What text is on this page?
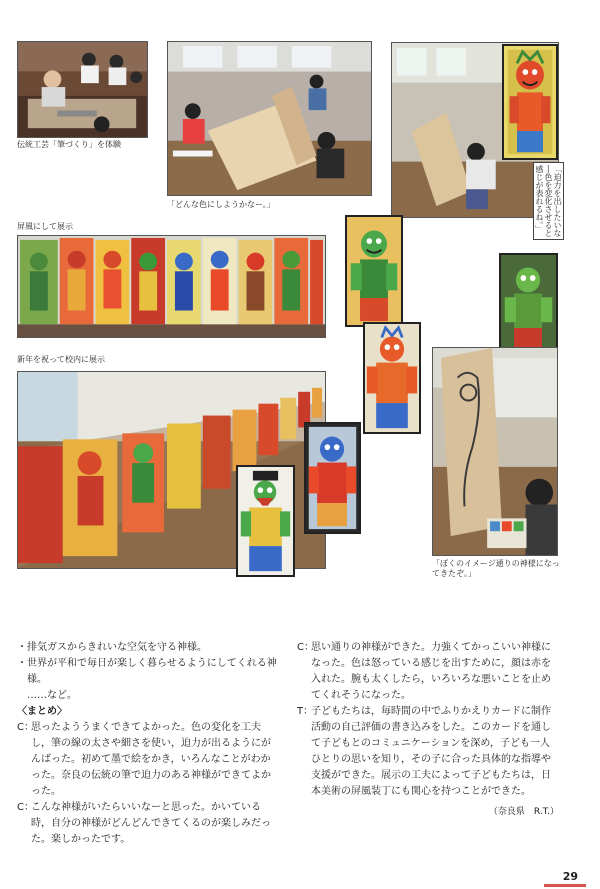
伝統工芸「筆づくり」を体験
「どんな色にしようかなー。」	「迫力を出したいな―色を変化させると感じが表れるね。」
屏風にして展示
新年を祝って校内に展示
「ぼくのイメージ通りの神様になってきたぞ。」
・排気ガスからきれいな空気を守る神様。
・世界が平和で毎日が楽しく暮らせるようにしてくれる神様。
……など。
〈まとめ〉
C：
思ったよううまくできてよかった。色の変化を工夫し，筆の線の太さや細さを使い，迫力が出るようにがんばった。初めて墨で絵をかき，いろんなことがわかった。奈良の伝統の筆で迫力のある神様ができてよかった。
C：
こんな神様がいたらいいなーと思った。かいている時，自分の神様がどんどんできてくるのが楽しみだった。楽しかったです。
C：
思い通りの神様ができた。力強くてかっこいい神様になった。色は怒っている感じを出すために，顔は赤を入れた。腕も太くしたら，いろいろな悪いことを止めてくれそうになった。
T：
子どもたちは，毎時間の中でふりかえりカードに制作活動の自己評価の書き込みをした。このカードを通して子どもとのコミュニケーションを深め，子ども一人ひとりの思いを知り，その子に合った具体的な指導や支援ができた。展示の工夫によって子どもたちは，日本美術の屏風装丁にも関心を持つことができた。
（奈良県　R.T.）
29
